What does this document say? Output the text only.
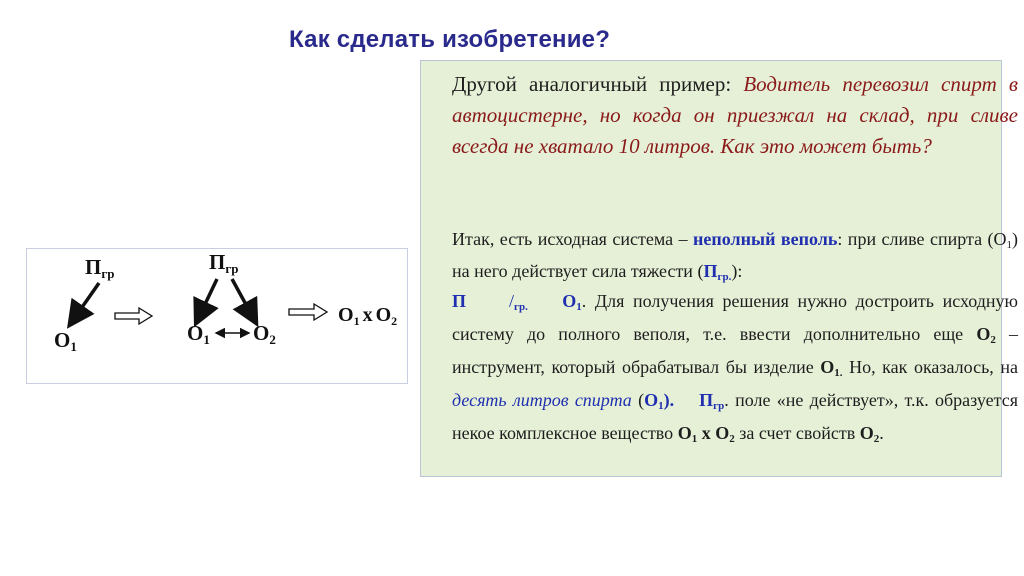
Как сделать изобретение?
Пгр
О1
Пгр
О1 О2
$О_1$ х $О_2$

Другой аналогичный пример: Водитель перевозил спирт в автоцистерне, но когда он приезжал на склад, при сливе всегда не хватало 10 литров. Как это может быть?

Итак, есть исходная система – неполный веполь: при сливе спирта $(О_1)$ на него действует сила тяжести $(П_{гр.})$:

П $/_{гр.}$ $О_1$. Для получения решения нужно достроить исходную систему до полного веполя, т.е. ввести дополнительно еще $О_2$ – инструмент, который обрабатывал бы изделие $О_{1.}$ Но, как оказалось, на десять литров спирта $(О_1)$. $П_{гр}$. поле «не действует», т.к. образуется некое комплексное вещество $О_1$ х $О_2$ за счет свойств $О_2$.
